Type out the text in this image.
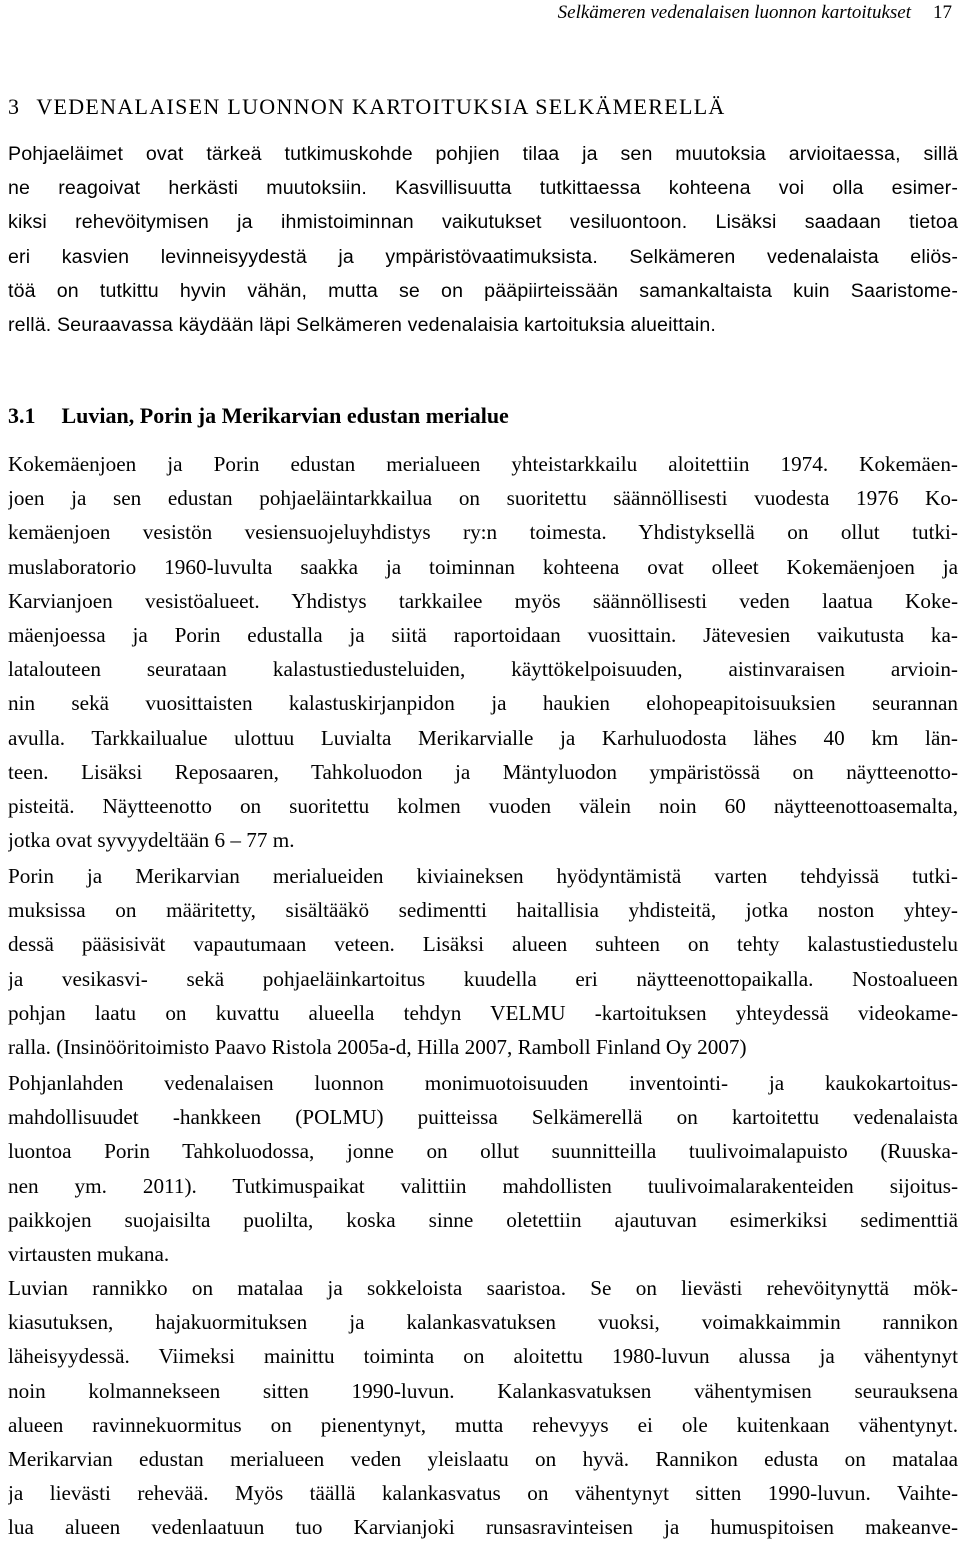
Selkämeren vedenalaisen luonnon kartoitukset 17
3 VEDENALAISEN LUONNON KARTOITUKSIA SELKÄMERELLÄ

Pohjaeläimet ovat tärkeä tutkimuskohde pohjien tilaa ja sen muutoksia arvioitaessa, sillä
ne reagoivat herkästi muutoksiin. Kasvillisuutta tutkittaessa kohteena voi olla esimer-
kiksi rehevöitymisen ja ihmistoiminnan vaikutukset vesiluontoon. Lisäksi saadaan tietoa
eri kasvien levinneisyydestä ja ympäristövaatimuksista. Selkämeren vedenalaista eliös-
töä on tutkittu hyvin vähän, mutta se on pääpiirteissään samankaltaista kuin Saaristome-
rellä. Seuraavassa käydään läpi Selkämeren vedenalaisia kartoituksia alueittain.

3.1 Luvian, Porin ja Merikarvian edustan merialue

Kokemäenjoen ja Porin edustan merialueen yhteistarkkailu aloitettiin 1974. Kokemäen-
joen ja sen edustan pohjaeläintarkkailua on suoritettu säännöllisesti vuodesta 1976 Ko-
kemäenjoen vesistön vesiensuojeluyhdistys ry:n toimesta. Yhdistyksellä on ollut tutki-
muslaboratorio 1960-luvulta saakka ja toiminnan kohteena ovat olleet Kokemäenjoen ja
Karvianjoen vesistöalueet. Yhdistys tarkkailee myös säännöllisesti veden laatua Koke-
mäenjoessa ja Porin edustalla ja siitä raportoidaan vuosittain. Jätevesien vaikutusta ka-
latalouteen seurataan kalastustiedusteluiden, käyttökelpoisuuden, aistinvaraisen arvioin-
nin sekä vuosittaisten kalastuskirjanpidon ja haukien elohopeapitoisuuksien seurannan
avulla. Tarkkailualue ulottuu Luvialta Merikarvialle ja Karhuluodosta lähes 40 km län-
teen. Lisäksi Reposaaren, Tahkoluodon ja Mäntyluodon ympäristössä on näytteenotto-
pisteitä. Näytteenotto on suoritettu kolmen vuoden välein noin 60 näytteenottoasemalta,
jotka ovat syvyydeltään 6 – 77 m.

Porin ja Merikarvian merialueiden kiviaineksen hyödyntämistä varten tehdyissä tutki-
muksissa on määritetty, sisältääkö sedimentti haitallisia yhdisteitä, jotka noston yhtey-
dessä pääsisivät vapautumaan veteen. Lisäksi alueen suhteen on tehty kalastustiedustelu
ja vesikasvi- sekä pohjaeläinkartoitus kuudella eri näytteenottopaikalla. Nostoalueen
pohjan laatu on kuvattu alueella tehdyn VELMU -kartoituksen yhteydessä videokame-
ralla. (Insinööritoimisto Paavo Ristola 2005a-d, Hilla 2007, Ramboll Finland Oy 2007)

Pohjanlahden vedenalaisen luonnon monimuotoisuuden inventointi- ja kaukokartoitus-
mahdollisuudet -hankkeen (POLMU) puitteissa Selkämerellä on kartoitettu vedenalaista
luontoa Porin Tahkoluodossa, jonne on ollut suunnitteilla tuulivoimalapuisto (Ruuska-
nen ym. 2011). Tutkimuspaikat valittiin mahdollisten tuulivoimalarakenteiden sijoitus-
paikkojen suojaisilta puolilta, koska sinne oletettiin ajautuvan esimerkiksi sedimenttiä
virtausten mukana.

Luvian rannikko on matalaa ja sokkeloista saaristoa. Se on lievästi rehevöitynyttä mök-
kiasutuksen, hajakuormituksen ja kalankasvatuksen vuoksi, voimakkaimmin rannikon
läheisyydessä. Viimeksi mainittu toiminta on aloitettu 1980-luvun alussa ja vähentynyt
noin kolmannekseen sitten 1990-luvun. Kalankasvatuksen vähentymisen seurauksena
alueen ravinnekuormitus on pienentynyt, mutta rehevyys ei ole kuitenkaan vähentynyt.
Merikarvian edustan merialueen veden yleislaatu on hyvä. Rannikon edusta on matalaa
ja lievästi rehevää. Myös täällä kalankasvatus on vähentynyt sitten 1990-luvun. Vaihte-
lua alueen vedenlaatuun tuo Karvianjoki runsasravinteisen ja humuspitoisen makeanve-
